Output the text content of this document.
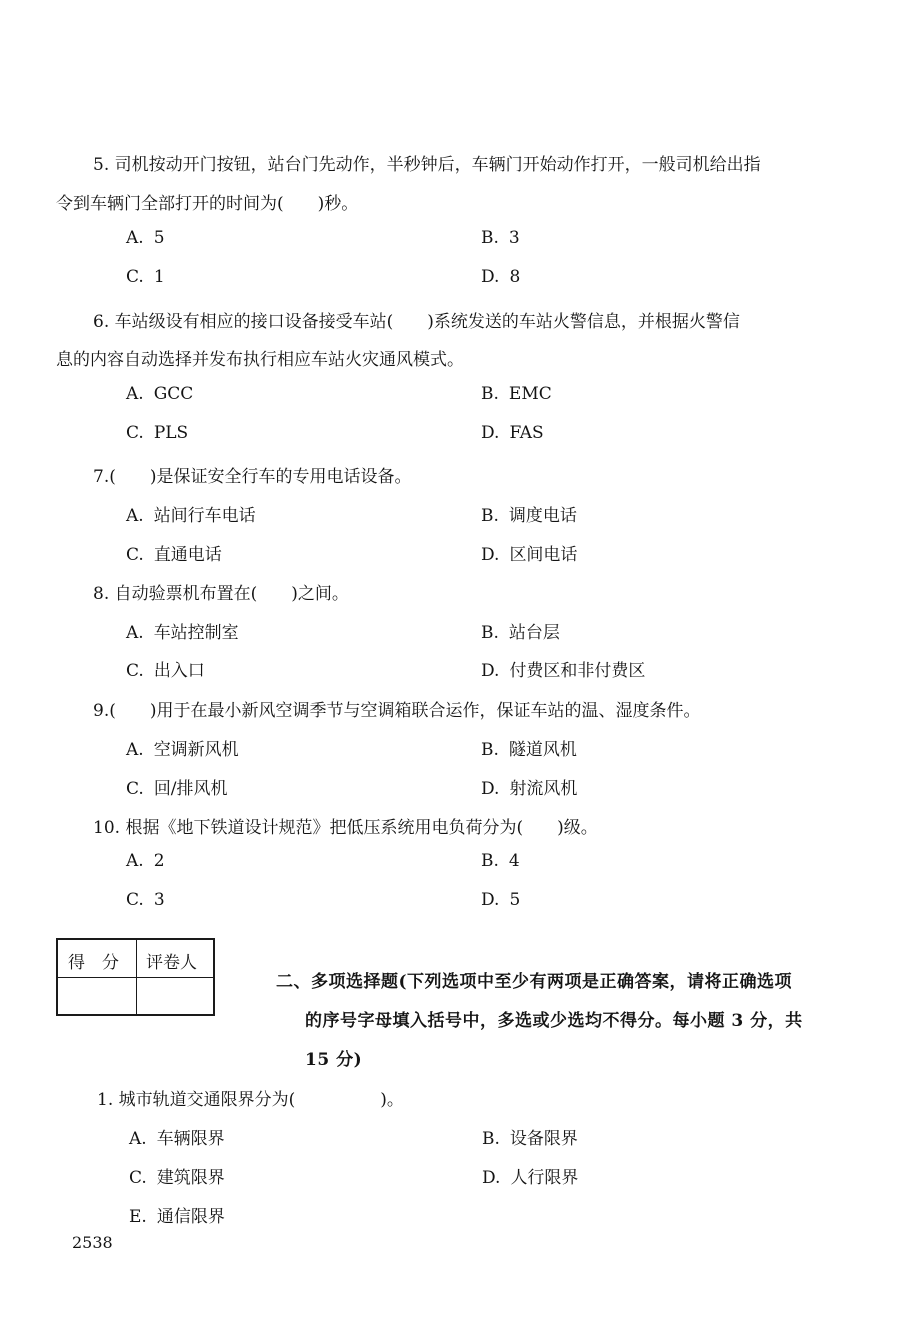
5. 司机按动开门按钮，站台门先动作，半秒钟后，车辆门开始动作打开，一般司机给出指
令到车辆门全部打开的时间为(　　)秒。
A. 5	B. 3
C. 1	D. 8
6. 车站级设有相应的接口设备接受车站(　　)系统发送的车站火警信息，并根据火警信
息的内容自动选择并发布执行相应车站火灾通风模式。
A. GCC	B. EMC
C. PLS	D. FAS
7.(　　)是保证安全行车的专用电话设备。
A. 站间行车电话	B. 调度电话
C. 直通电话	D. 区间电话
8. 自动验票机布置在(　　)之间。
A. 车站控制室	B. 站台层
C. 出入口	D. 付费区和非付费区
9.(　　)用于在最小新风空调季节与空调箱联合运作，保证车站的温、湿度条件。
A. 空调新风机	B. 隧道风机
C. 回/排风机	D. 射流风机
10. 根据《地下铁道设计规范》把低压系统用电负荷分为(　　)级。
A. 2	B. 4
C. 3	D. 5
得　分 评卷人
二、多项选择题(下列选项中至少有两项是正确答案，请将正确选项
的序号字母填入括号中，多选或少选均不得分。每小题 3 分，共
15 分)
1. 城市轨道交通限界分为(　　　　　)。
A. 车辆限界	B. 设备限界
C. 建筑限界	D. 人行限界
E. 通信限界
2538
